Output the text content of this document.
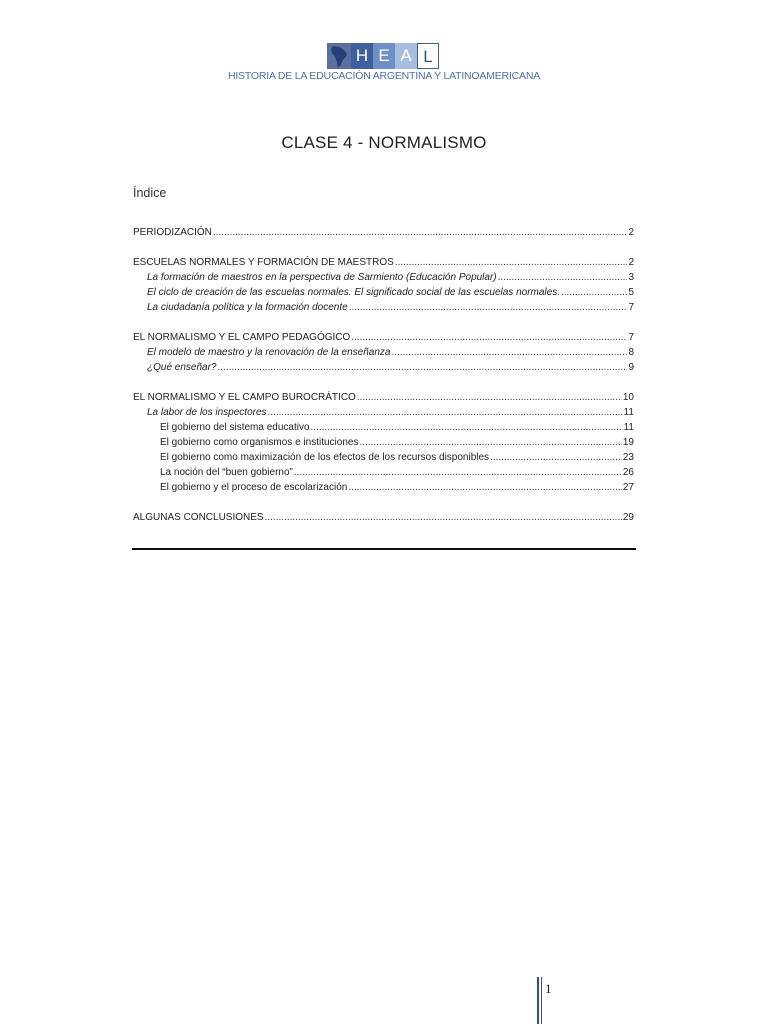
H E A L
HISTORIA DE LA EDUCACIÓN ARGENTINA Y LATINOAMERICANA
CLASE 4 - NORMALISMO
Índice
PERIODIZACIÓN .....	2
ESCUELAS NORMALES Y FORMACIÓN DE MAESTROS .....	2
La formación de maestros en la perspectiva de Sarmiento (Educación Popular) .....	3
El ciclo de creación de las escuelas normales. El significado social de las escuelas normales. .....	5
La ciudadanía política y la formación docente .....	7
EL NORMALISMO Y EL CAMPO PEDAGÓGICO .....	7
El modelo de maestro y la renovación de la enseñanza .....	8
¿Qué enseñar? .....	9
EL NORMALISMO Y EL CAMPO BUROCRÁTICO .....	10
La labor de los inspectores .....	11
El gobierno del sistema educativo .....	11
El gobierno como organismos e instituciones .....	19
El gobierno como maximización de los efectos de los recursos disponibles .....	23
La noción del “buen gobierno” .....	26
El gobierno y el proceso de escolarización .....	27
ALGUNAS CONCLUSIONES .....	29
1
